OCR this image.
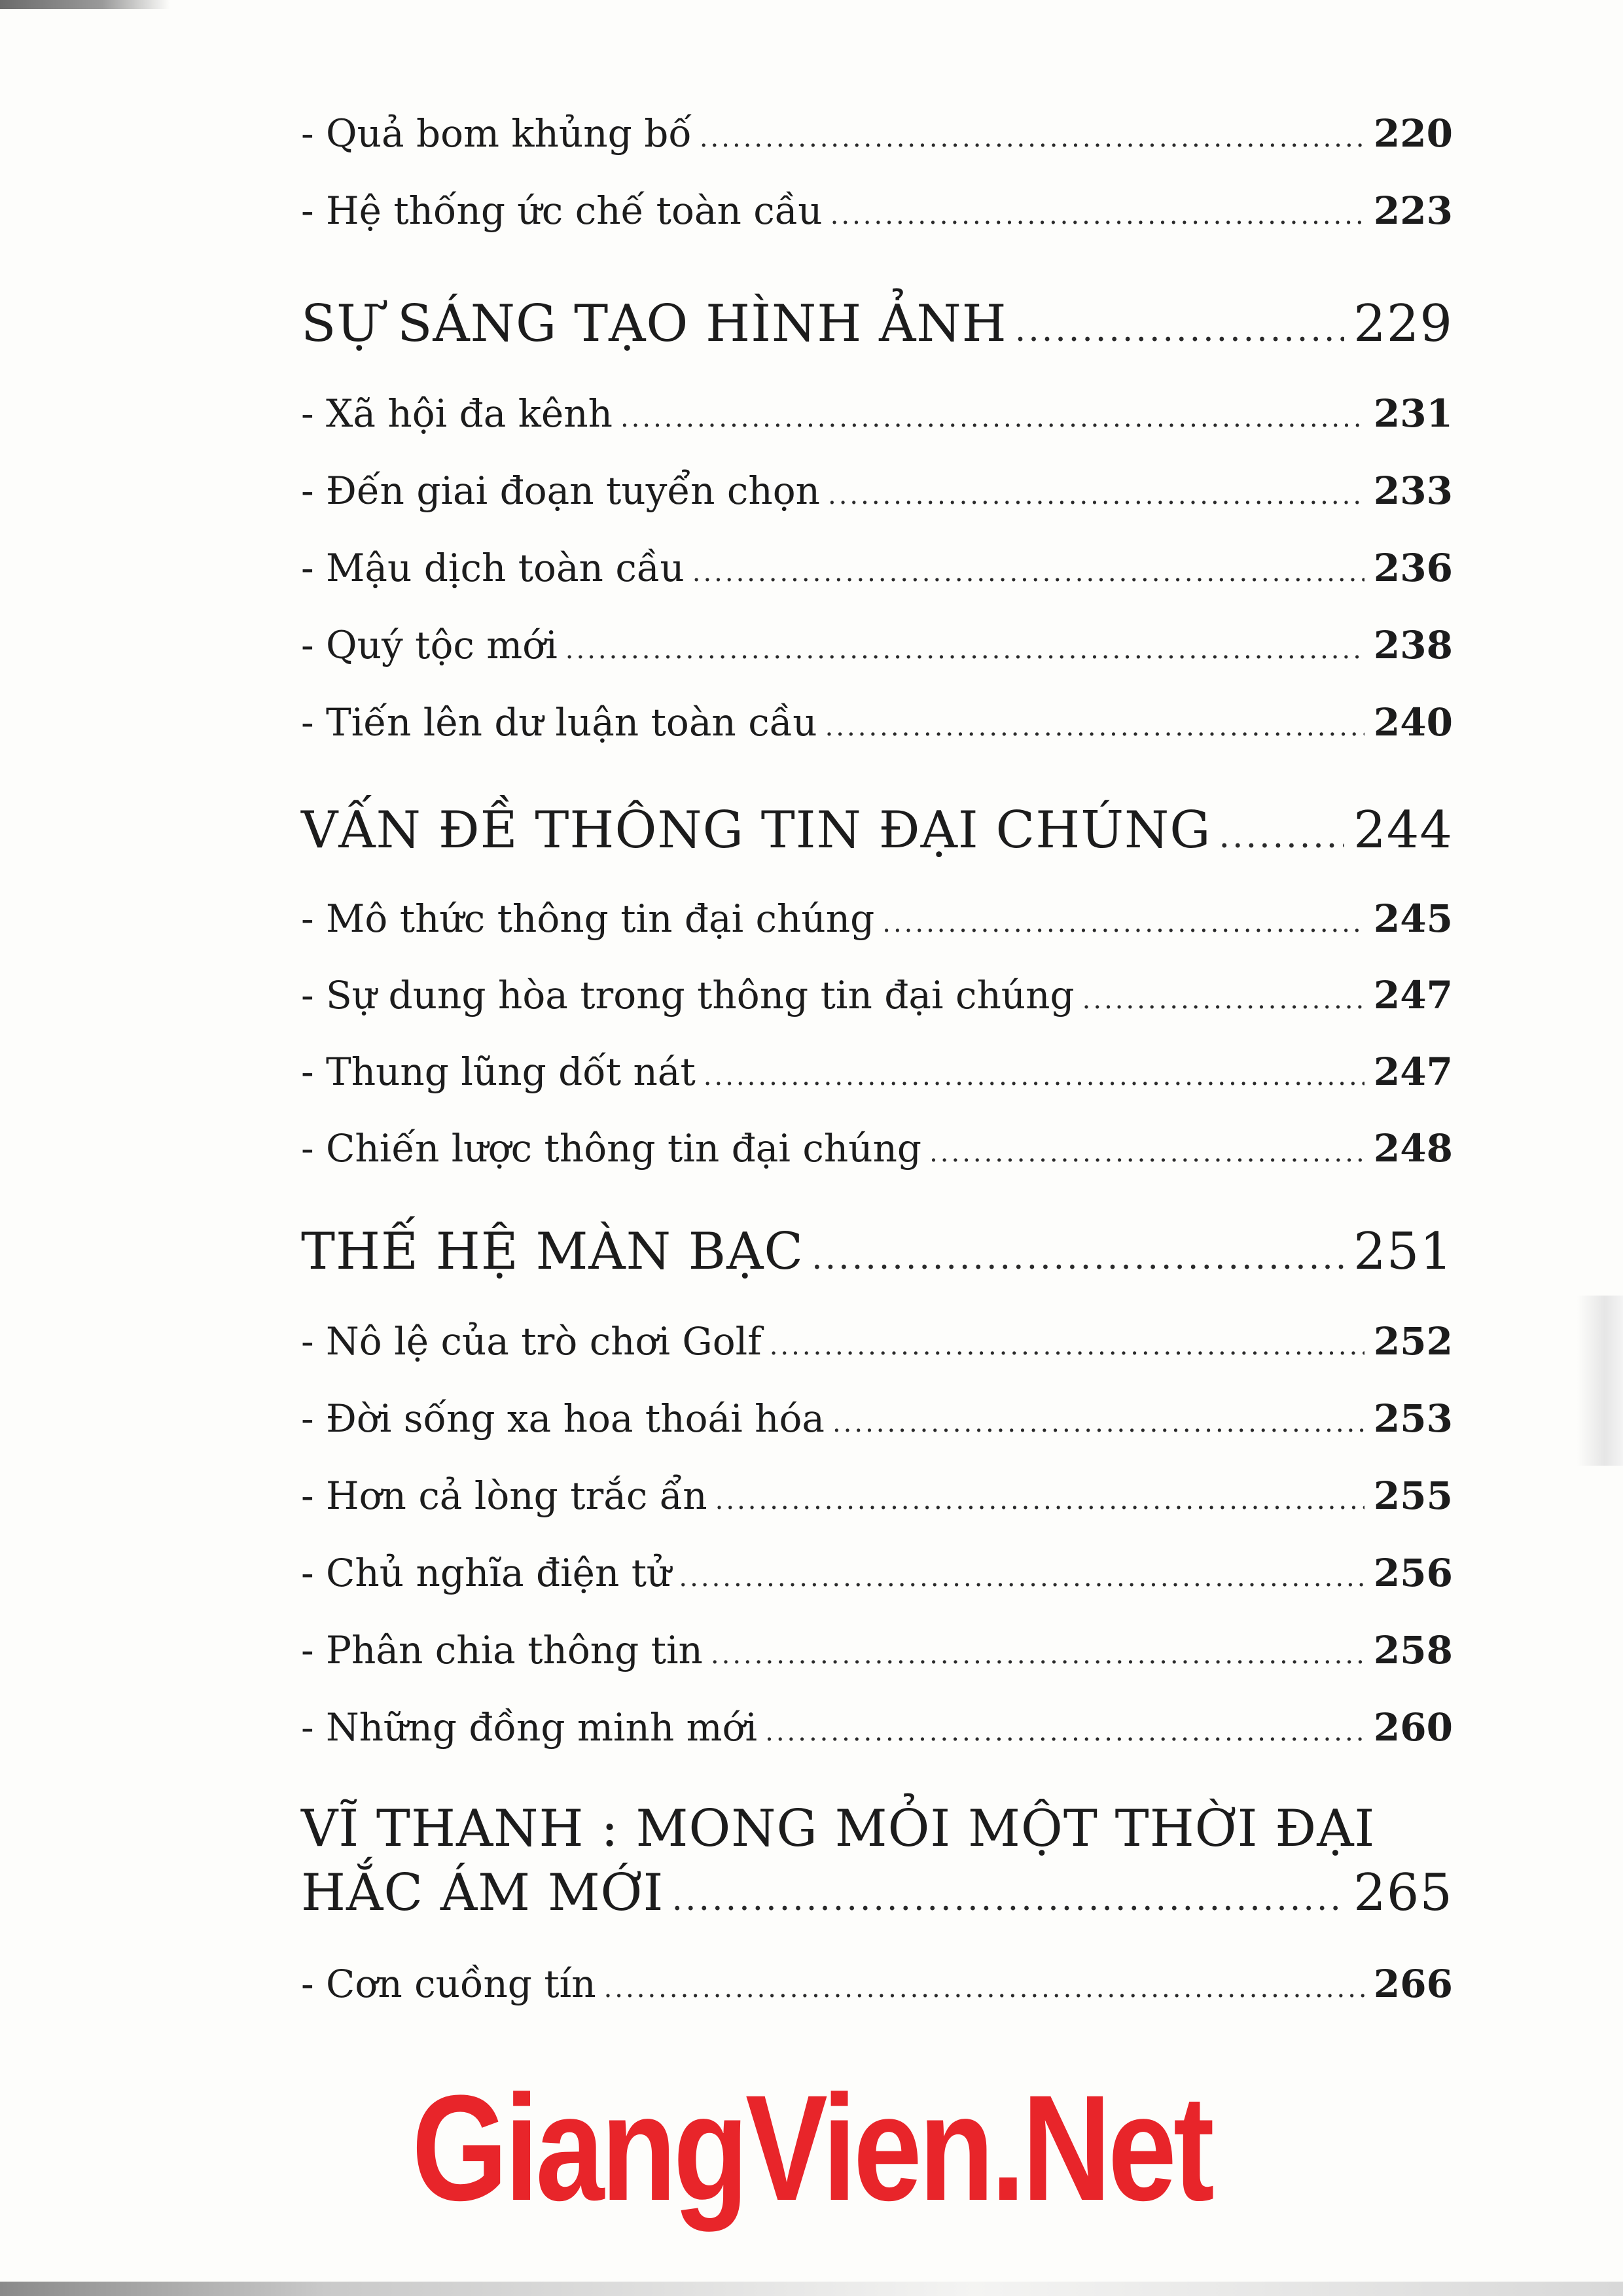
- Quả bom khủng bố .....	220
- Hệ thống ức chế toàn cầu .....	223
SỰ SÁNG TẠO HÌNH ẢNH .....	229
- Xã hội đa kênh .....	231
- Đến giai đoạn tuyển chọn .....	233
- Mậu dịch toàn cầu .....	236
- Quý tộc mới .....	238
- Tiến lên dư luận toàn cầu .....	240
VẤN ĐỀ THÔNG TIN ĐẠI CHÚNG .....	244
- Mô thức thông tin đại chúng .....	245
- Sự dung hòa trong thông tin đại chúng .....	247
- Thung lũng dốt nát .....	247
- Chiến lược thông tin đại chúng .....	248
THẾ HỆ MÀN BẠC .....	251
- Nô lệ của trò chơi Golf .....	252
- Đời sống xa hoa thoái hóa .....	253
- Hơn cả lòng trắc ẩn .....	255
- Chủ nghĩa điện tử .....	256
- Phân chia thông tin .....	258
- Những đồng minh mới .....	260
VĨ THANH : MONG MỎI MỘT THỜI ĐẠI
HẮC ÁM MỚI .....	265
- Cơn cuồng tín .....	266
GiangVien.Net
